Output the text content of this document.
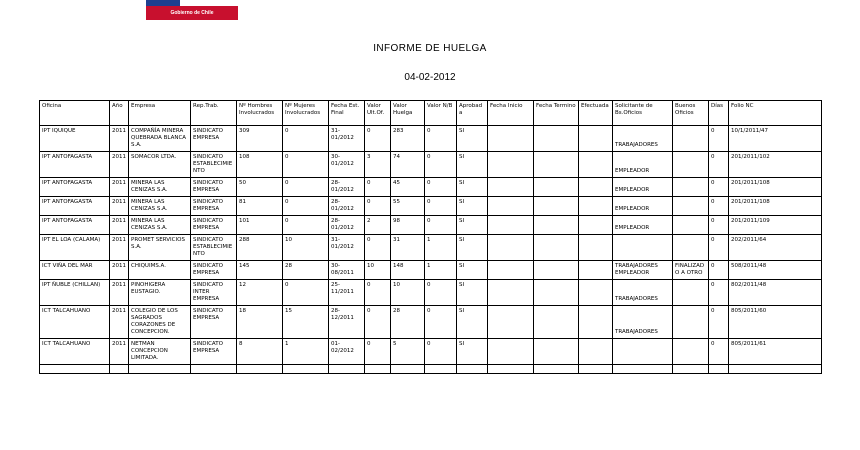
Gobierno de Chile
INFORME DE HUELGA
04-02-2012
Oficina	Año	Empresa	Rep.Trab.	Nº Hombres Involucrados	Nº Mujeres Involucrados	Fecha Est. Final	Valor Ult.Of.	Valor Huelga	Valor N/B	Aprobada	Fecha Inicio	Fecha Termino	Efectuada	Solicitante de Bs.Oficios	Buenos Oficios	Días	Folio NC
IPT IQUIQUE	2011	COMPAÑÍA MINERA QUEBRADA BLANCA S.A.	SINDICATO EMPRESA	309	0	31-01/2012	0	283	0	SI				TRABAJADORES		0	10/1/2011/47
IPT ANTOFAGASTA	2011	SOMACOR LTDA.	SINDICATO ESTABLECIMIENTO	108	0	30-01/2012	3	74	0	SI				EMPLEADOR		0	201/2011/102
IPT ANTOFAGASTA	2011	MINERA LAS CENIZAS S.A.	SINDICATO EMPRESA	50	0	28-01/2012	0	45	0	SI				EMPLEADOR		0	201/2011/108
IPT ANTOFAGASTA	2011	MINERA LAS CENIZAS S.A.	SINDICATO EMPRESA	81	0	28-01/2012	0	55	0	SI				EMPLEADOR		0	201/2011/108
IPT ANTOFAGASTA	2011	MINERA LAS CENIZAS S.A.	SINDICATO EMPRESA	101	0	28-01/2012	2	98	0	SI				EMPLEADOR		0	201/2011/109
IPT EL LOA (CALAMA)	2011	PROMET SERVICIOS S.A.	SINDICATO ESTABLECIMIENTO	288	10	31-01/2012	0	31	1	SI						0	202/2011/64
ICT VIÑA DEL MAR	2011	CHIQUIMS.A.	SINDICATO EMPRESA	145	28	30-08/2011	10	148	1	SI				TRABAJADORES EMPLEADOR	FINALIZADO A OTRO	0	508/2011/48
IPT ÑUBLE (CHILLAN)	2011	PINOHIGERA EUSTAGIO.	SINDICATO INTER EMPRESA	12	0	25-11/2011	0	10	0	SI				TRABAJADORES		0	802/2011/48
ICT TALCAHUANO	2011	COLEGIO DE LOS SAGRADOS CORAZONES DE CONCEPCION.	SINDICATO EMPRESA	18	15	28-12/2011	0	28	0	SI				TRABAJADORES		0	805/2011/60
ICT TALCAHUANO	2011	NETMAN CONCEPCION LIMITADA.	SINDICATO EMPRESA	8	1	01-02/2012	0	5	0	SI						0	805/2011/61
